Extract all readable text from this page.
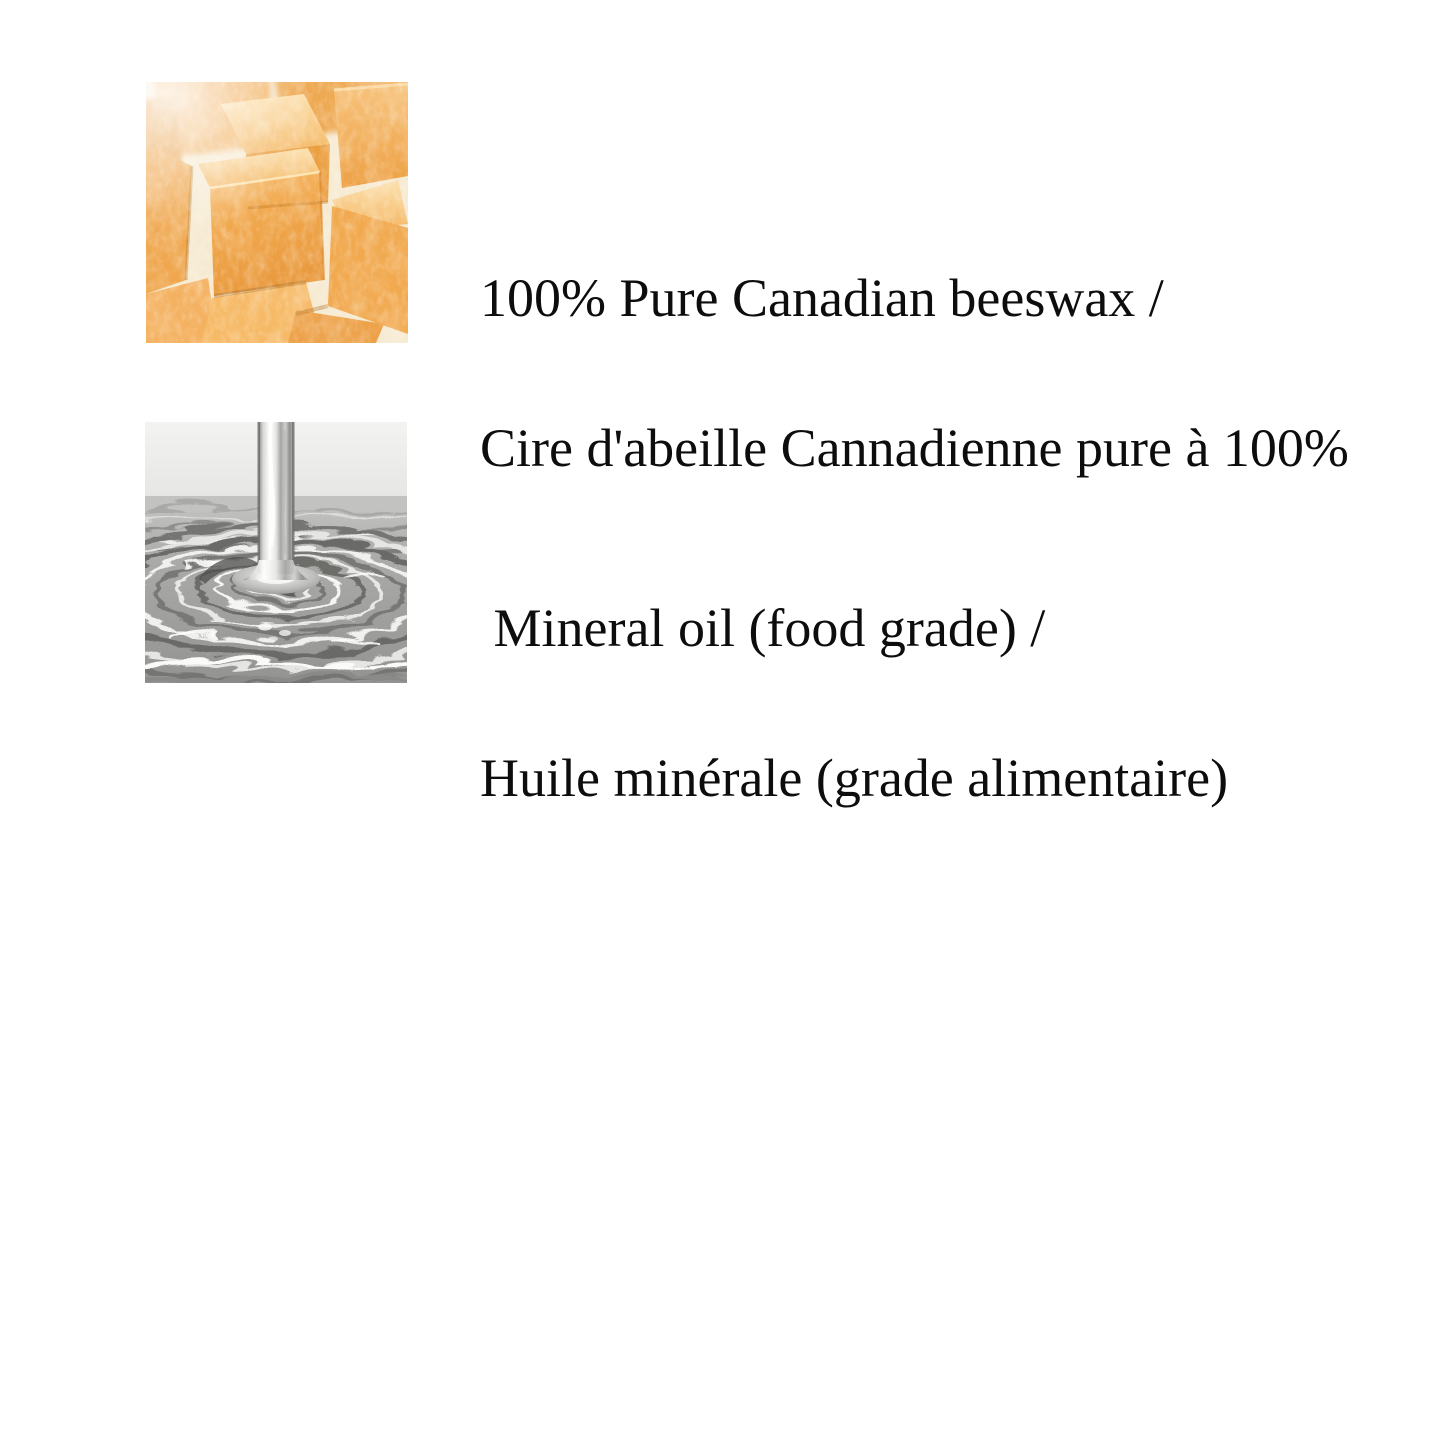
100% Pure Canadian beeswax /

Cire d'abeille Cannadienne pure à 100%

Mineral oil (food grade) /

Huile minérale (grade alimentaire)
